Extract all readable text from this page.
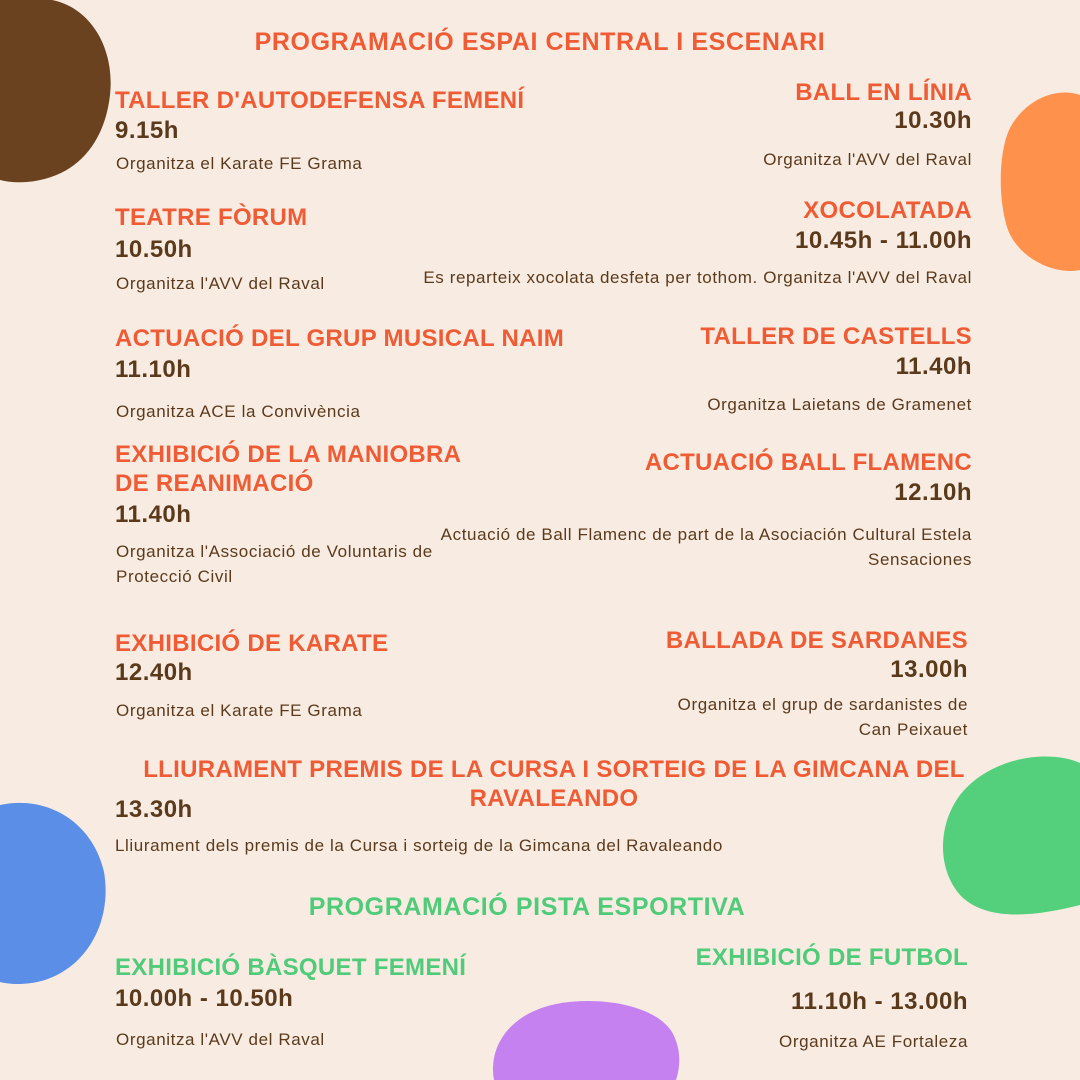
PROGRAMACIÓ ESPAI CENTRAL I ESCENARI
TALLER D'AUTODEFENSA FEMENÍ
9.15h
Organitza el Karate FE Grama
BALL EN LÍNIA
10.30h
Organitza l'AVV del Raval
TEATRE FÒRUM
10.50h
Organitza l'AVV del Raval
XOCOLATADA
10.45h - 11.00h
Es reparteix xocolata desfeta per tothom. Organitza l'AVV del Raval
ACTUACIÓ DEL GRUP MUSICAL NAIM
11.10h
Organitza ACE la Convivència
TALLER DE CASTELLS
11.40h
Organitza Laietans de Gramenet
EXHIBICIÓ DE LA MANIOBRA
DE REANIMACIÓ
11.40h
Organitza l'Associació de Voluntaris de
Protecció Civil
ACTUACIÓ BALL FLAMENC
12.10h
Actuació de Ball Flamenc de part de la Asociación Cultural Estela
Sensaciones
EXHIBICIÓ DE KARATE
12.40h
Organitza el Karate FE Grama
BALLADA DE SARDANES
13.00h
Organitza el grup de sardanistes de
Can Peixauet
LLIURAMENT PREMIS DE LA CURSA I SORTEIG DE LA GIMCANA DEL
RAVALEANDO
13.30h
Lliurament dels premis de la Cursa i sorteig de la Gimcana del Ravaleando
PROGRAMACIÓ PISTA ESPORTIVA
EXHIBICIÓ BÀSQUET FEMENÍ
10.00h - 10.50h
Organitza l'AVV del Raval
EXHIBICIÓ DE FUTBOL
11.10h - 13.00h
Organitza AE Fortaleza
